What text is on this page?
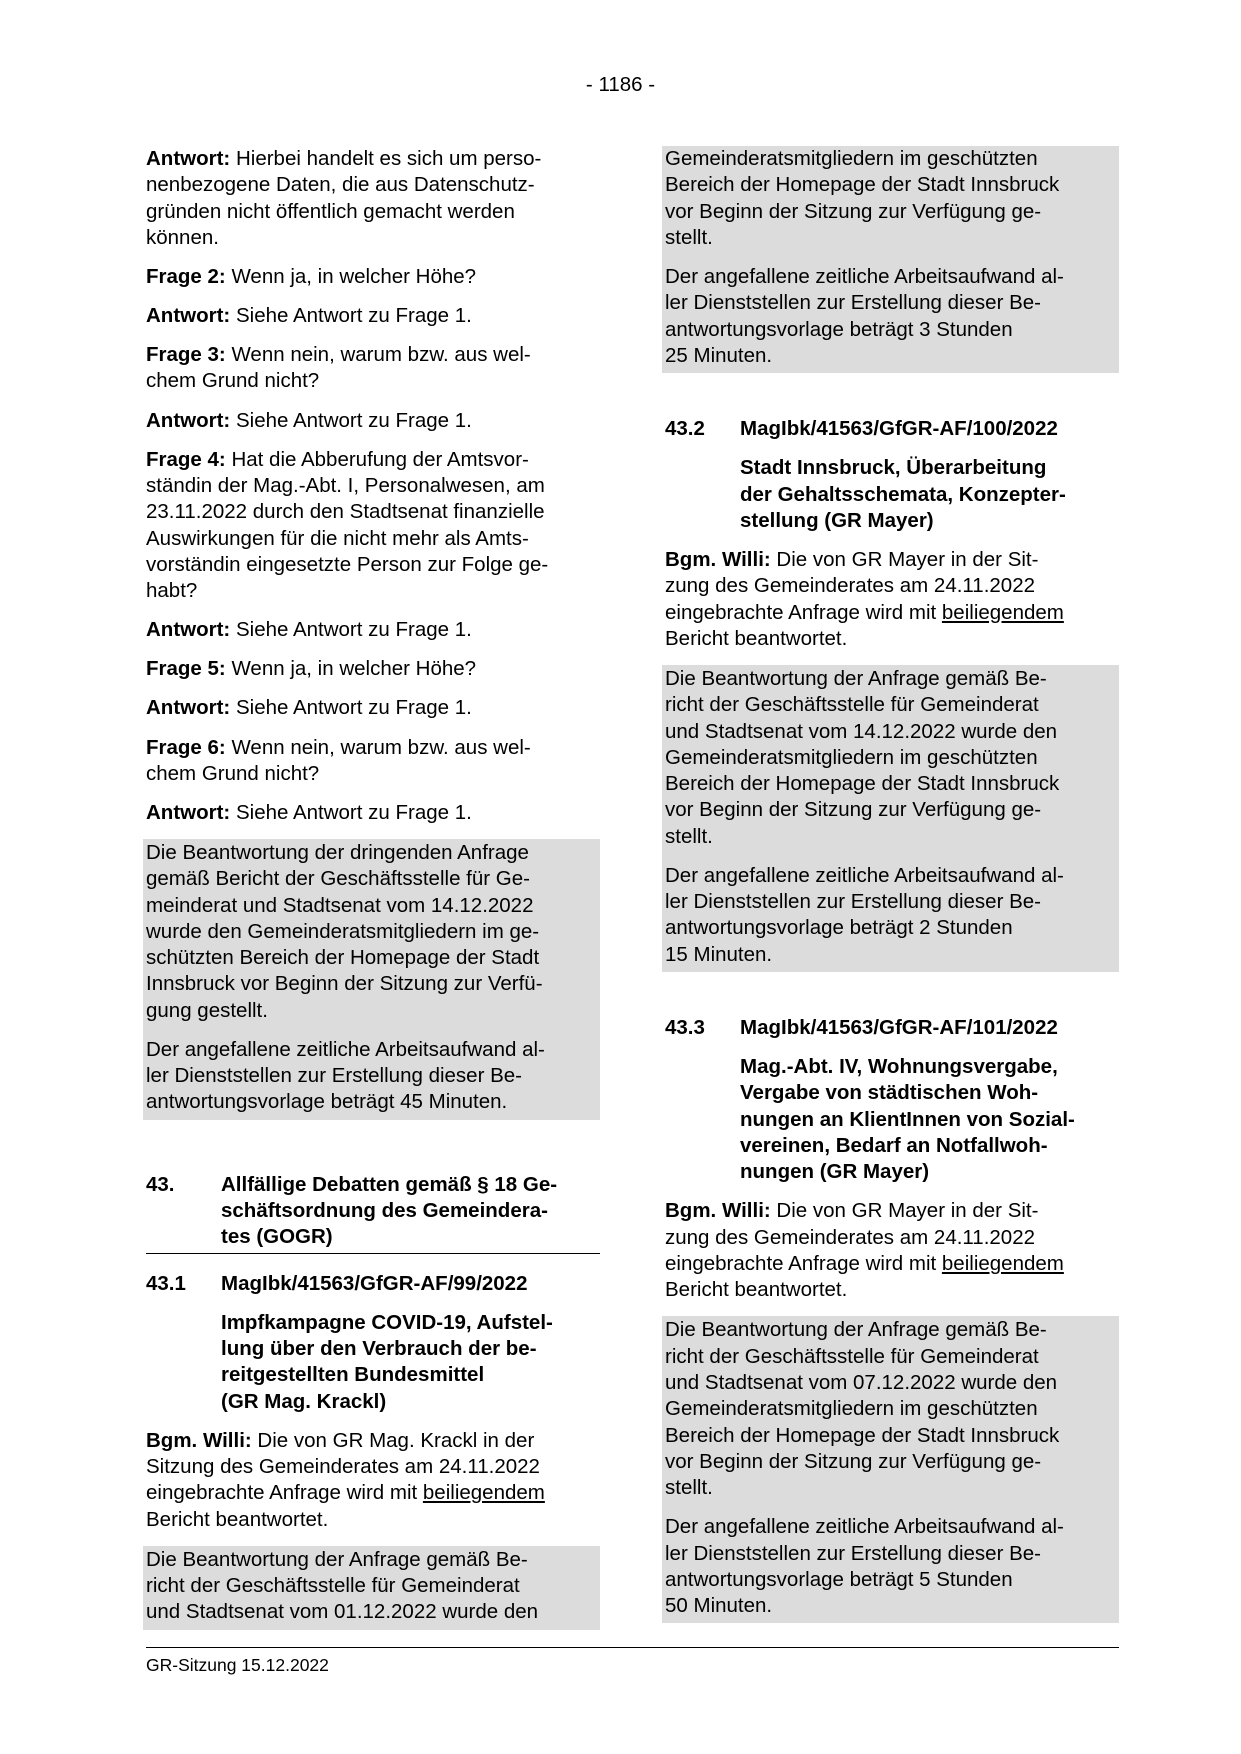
- 1186 -

Antwort: Hierbei handelt es sich um perso-
nenbezogene Daten, die aus Datenschutz-
gründen nicht öffentlich gemacht werden
können.

Frage 2: Wenn ja, in welcher Höhe?

Antwort: Siehe Antwort zu Frage 1.

Frage 3: Wenn nein, warum bzw. aus wel-
chem Grund nicht?

Antwort: Siehe Antwort zu Frage 1.

Frage 4: Hat die Abberufung der Amtsvor-
ständin der Mag.-Abt. I, Personalwesen, am
23.11.2022 durch den Stadtsenat finanzielle
Auswirkungen für die nicht mehr als Amts-
vorständin eingesetzte Person zur Folge ge-
habt?

Antwort: Siehe Antwort zu Frage 1.

Frage 5: Wenn ja, in welcher Höhe?

Antwort: Siehe Antwort zu Frage 1.

Frage 6: Wenn nein, warum bzw. aus wel-
chem Grund nicht?

Antwort: Siehe Antwort zu Frage 1.

Die Beantwortung der dringenden Anfrage
gemäß Bericht der Geschäftsstelle für Ge-
meinderat und Stadtsenat vom 14.12.2022
wurde den Gemeinderatsmitgliedern im ge-
schützten Bereich der Homepage der Stadt
Innsbruck vor Beginn der Sitzung zur Verfü-
gung gestellt.

Der angefallene zeitliche Arbeitsaufwand al-
ler Dienststellen zur Erstellung dieser Be-
antwortungsvorlage beträgt 45 Minuten.

43.	Allfällige Debatten gemäß § 18 Ge-
schäftsordnung des Gemeindera-
tes (GOGR)
43.1	MagIbk/41563/GfGR-AF/99/2022
Impfkampagne COVID-19, Aufstel-
lung über den Verbrauch der be-
reitgestellten Bundesmittel
(GR Mag. Krackl)

Bgm. Willi: Die von GR Mag. Krackl in der
Sitzung des Gemeinderates am 24.11.2022
eingebrachte Anfrage wird mit beiliegendem
Bericht beantwortet.

Die Beantwortung der Anfrage gemäß Be-
richt der Geschäftsstelle für Gemeinderat
und Stadtsenat vom 01.12.2022 wurde den

Gemeinderatsmitgliedern im geschützten
Bereich der Homepage der Stadt Innsbruck
vor Beginn der Sitzung zur Verfügung ge-
stellt.

Der angefallene zeitliche Arbeitsaufwand al-
ler Dienststellen zur Erstellung dieser Be-
antwortungsvorlage beträgt 3 Stunden
25 Minuten.

43.2	MagIbk/41563/GfGR-AF/100/2022
Stadt Innsbruck, Überarbeitung
der Gehaltsschemata, Konzepter-
stellung (GR Mayer)

Bgm. Willi: Die von GR Mayer in der Sit-
zung des Gemeinderates am 24.11.2022
eingebrachte Anfrage wird mit beiliegendem
Bericht beantwortet.

Die Beantwortung der Anfrage gemäß Be-
richt der Geschäftsstelle für Gemeinderat
und Stadtsenat vom 14.12.2022 wurde den
Gemeinderatsmitgliedern im geschützten
Bereich der Homepage der Stadt Innsbruck
vor Beginn der Sitzung zur Verfügung ge-
stellt.

Der angefallene zeitliche Arbeitsaufwand al-
ler Dienststellen zur Erstellung dieser Be-
antwortungsvorlage beträgt 2 Stunden
15 Minuten.

43.3	MagIbk/41563/GfGR-AF/101/2022
Mag.-Abt. IV, Wohnungsvergabe,
Vergabe von städtischen Woh-
nungen an KlientInnen von Sozial-
vereinen, Bedarf an Notfallwoh-
nungen (GR Mayer)

Bgm. Willi: Die von GR Mayer in der Sit-
zung des Gemeinderates am 24.11.2022
eingebrachte Anfrage wird mit beiliegendem
Bericht beantwortet.

Die Beantwortung der Anfrage gemäß Be-
richt der Geschäftsstelle für Gemeinderat
und Stadtsenat vom 07.12.2022 wurde den
Gemeinderatsmitgliedern im geschützten
Bereich der Homepage der Stadt Innsbruck
vor Beginn der Sitzung zur Verfügung ge-
stellt.

Der angefallene zeitliche Arbeitsaufwand al-
ler Dienststellen zur Erstellung dieser Be-
antwortungsvorlage beträgt 5 Stunden
50 Minuten.

GR-Sitzung 15.12.2022
